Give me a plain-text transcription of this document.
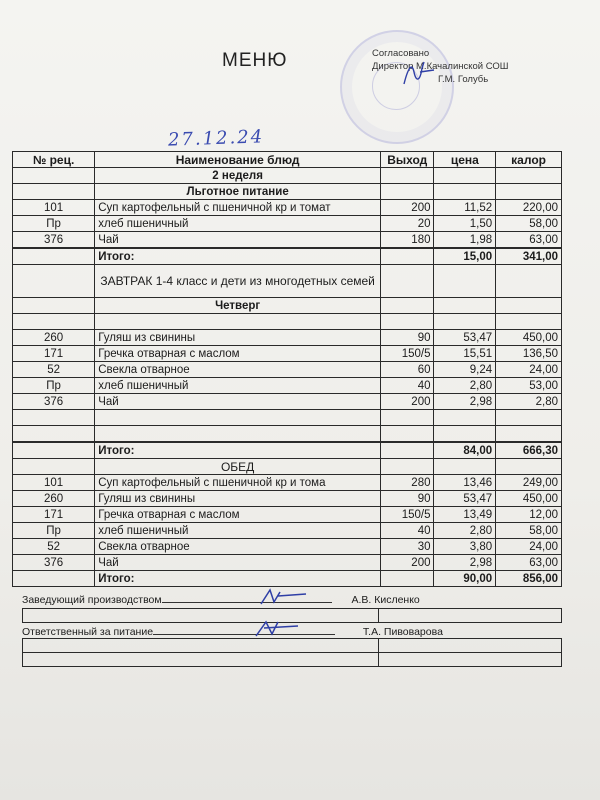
МЕНЮ	Согласовано
Директор М.Качалинской СОШ
Г.М. Голубь
27.12.24
№ рец.	Наименование блюд	Выход	цена	калор
	2 неделя			
	Льготное питание			
101	Суп картофельный с пшеничной кр и томат	200	11,52	220,00
Пр	хлеб пшеничный	20	1,50	58,00
376	Чай	180	1,98	63,00
	Итого:		15,00	341,00
	ЗАВТРАК 1-4 класс и дети из многодетных семей			
	Четверг			

260	Гуляш из свинины	90	53,47	450,00
171	Гречка отварная с маслом	150/5	15,51	136,50
52	Свекла отварное	60	9,24	24,00
Пр	хлеб пшеничный	40	2,80	53,00
376	Чай	200	2,98	2,80

	Итого:		84,00	666,30
	ОБЕД			
101	Суп картофельный с пшеничной кр и тома	280	13,46	249,00
260	Гуляш из свинины	90	53,47	450,00
171	Гречка отварная с маслом	150/5	13,49	12,00
Пр	хлеб пшеничный	40	2,80	58,00
52	Свекла отварное	30	3,80	24,00
376	Чай	200	2,98	63,00
	Итого:		90,00	856,00
Заведующий производством	А.В. Кисленко

Ответственный за питание	Т.А. Пивоварова
